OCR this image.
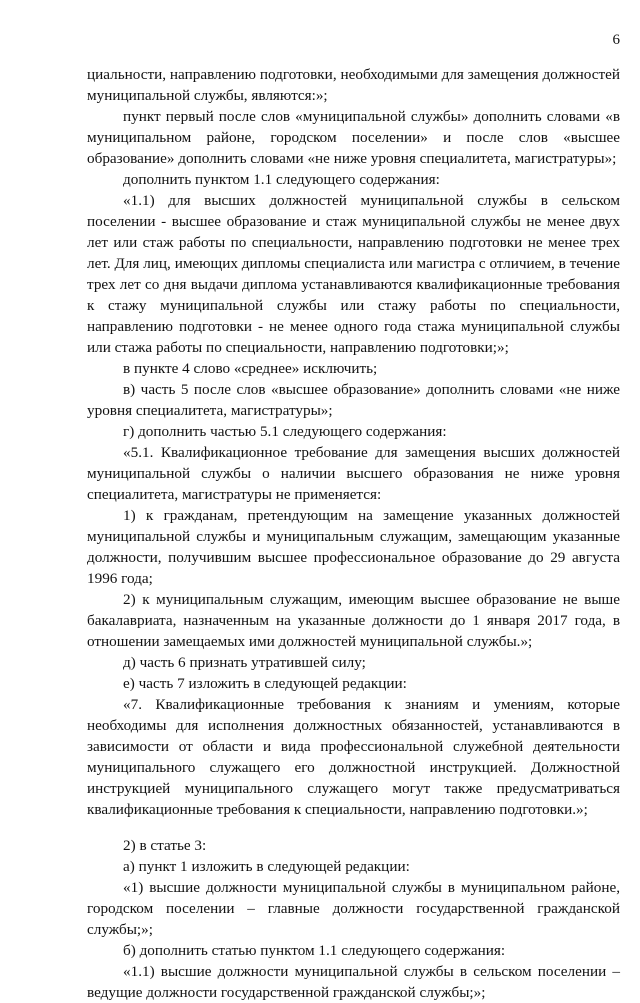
6

циальности, направлению подготовки, необходимыми для замещения должностей муниципальной службы, являются:»;

пункт первый после слов «муниципальной службы» дополнить словами «в муниципальном районе, городском поселении» и после слов «высшее образование» дополнить словами «не ниже уровня специалитета, магистратуры»;

дополнить пунктом 1.1 следующего содержания:

«1.1) для высших должностей муниципальной службы в сельском поселении - высшее образование и стаж муниципальной службы не менее двух лет или стаж работы по специальности, направлению подготовки не менее трех лет. Для лиц, имеющих дипломы специалиста или магистра с отличием, в течение трех лет со дня выдачи диплома устанавливаются квалификационные требования к стажу муниципальной службы или стажу работы по специальности, направлению подготовки - не менее одного года стажа муниципальной службы или стажа работы по специальности, направлению подготовки;»;

в пункте 4 слово «среднее» исключить;

в) часть 5 после слов «высшее образование» дополнить словами «не ниже уровня специалитета, магистратуры»;

г) дополнить частью 5.1 следующего содержания:

«5.1. Квалификационное требование для замещения высших должностей муниципальной службы о наличии высшего образования не ниже уровня специалитета, магистратуры не применяется:

1) к гражданам, претендующим на замещение указанных должностей муниципальной службы и муниципальным служащим, замещающим указанные должности, получившим высшее профессиональное образование до 29 августа 1996 года;

2) к муниципальным служащим, имеющим высшее образование не выше бакалавриата, назначенным на указанные должности до 1 января 2017 года, в отношении замещаемых ими должностей муниципальной службы.»;

д) часть 6 признать утратившей силу;

е) часть 7 изложить в следующей редакции:

«7. Квалификационные требования к знаниям и умениям, которые необходимы для исполнения должностных обязанностей, устанавливаются в зависимости от области и вида профессиональной служебной деятельности муниципального служащего его должностной инструкцией. Должностной инструкцией муниципального служащего могут также предусматриваться квалификационные требования к специальности, направлению подготовки.»;

2) в статье 3:

а) пункт 1 изложить в следующей редакции:

«1) высшие должности муниципальной службы в муниципальном районе, городском поселении – главные должности государственной гражданской службы;»;

б) дополнить статью пунктом 1.1 следующего содержания:

«1.1) высшие должности муниципальной службы в сельском поселении – ведущие должности государственной гражданской службы;»;
